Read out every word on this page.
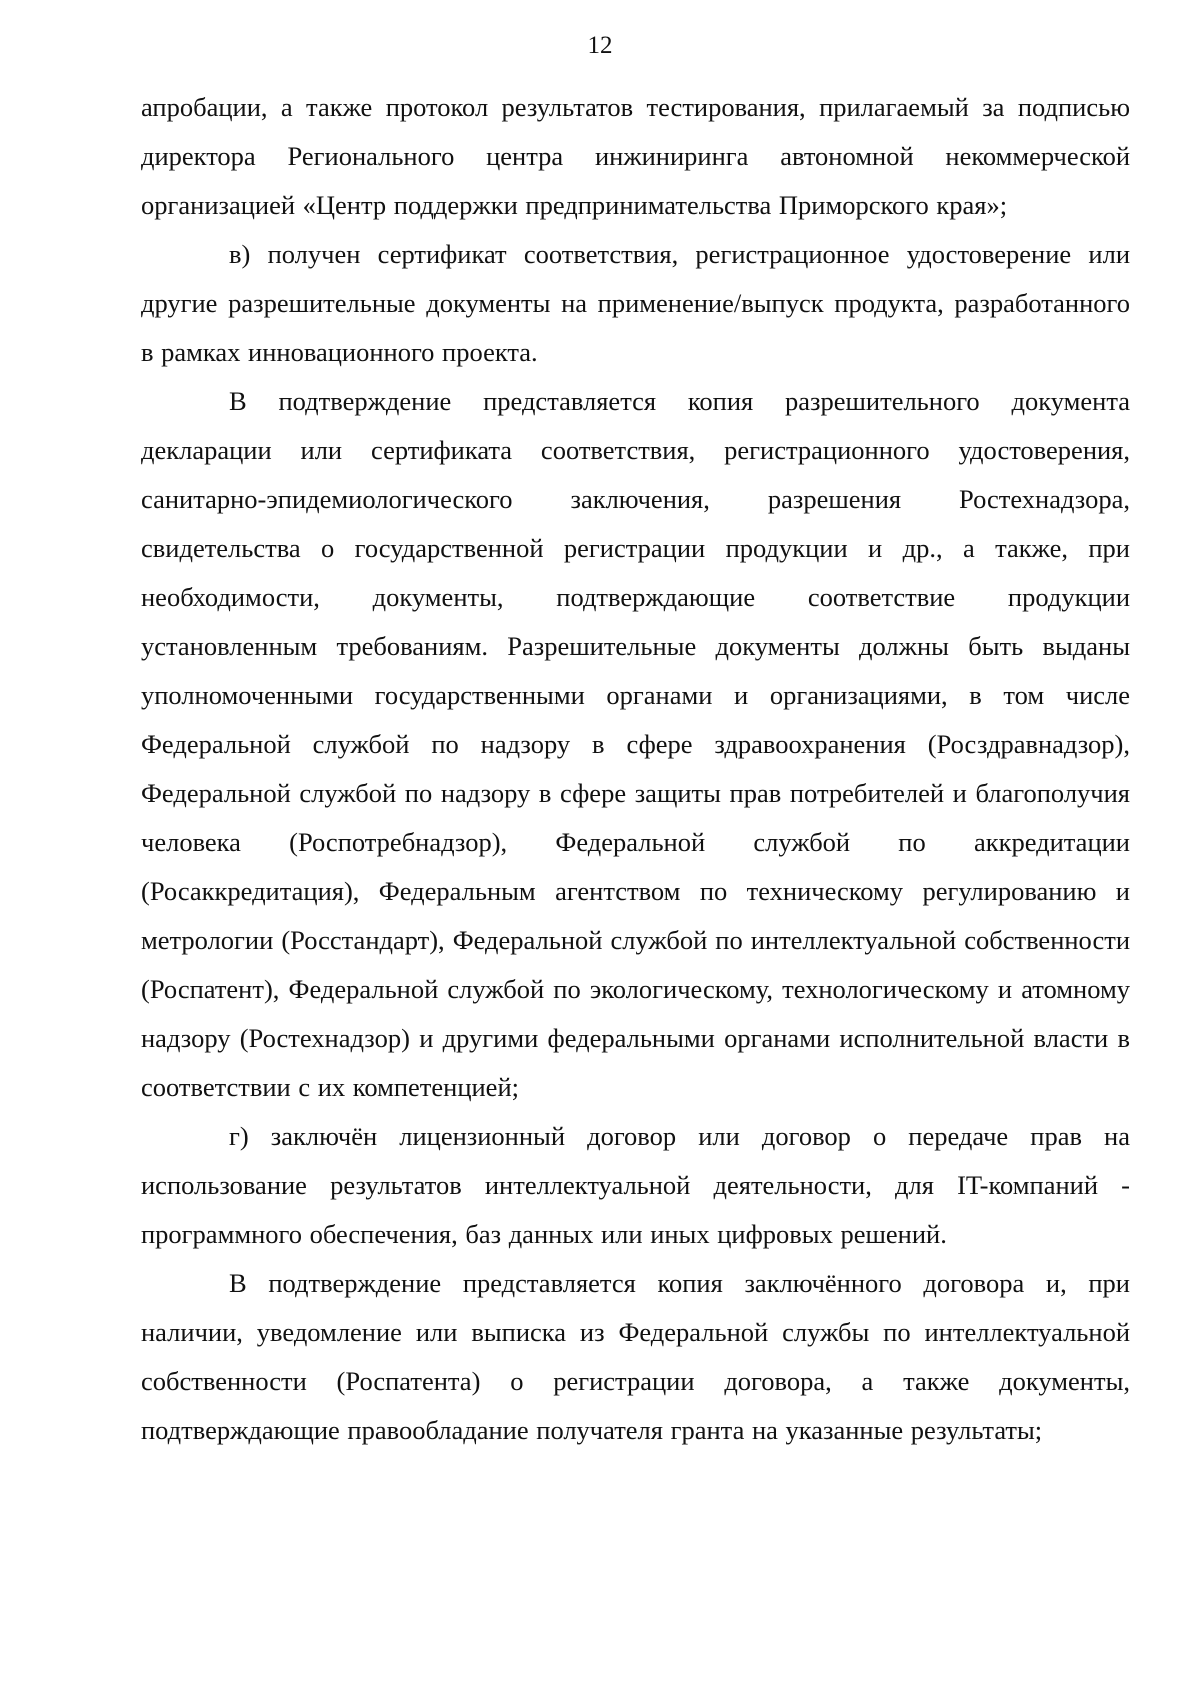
12

апробации, а также протокол результатов тестирования, прилагаемый за подписью директора Регионального центра инжиниринга автономной некоммерческой организацией «Центр поддержки предпринимательства Приморского края»;

в) получен сертификат соответствия, регистрационное удостоверение или другие разрешительные документы на применение/выпуск продукта, разработанного в рамках инновационного проекта.

В подтверждение представляется копия разрешительного документа декларации или сертификата соответствия, регистрационного удостоверения, санитарно-эпидемиологического заключения, разрешения Ростехнадзора, свидетельства о государственной регистрации продукции и др., а также, при необходимости, документы, подтверждающие соответствие продукции установленным требованиям. Разрешительные документы должны быть выданы уполномоченными государственными органами и организациями, в том числе Федеральной службой по надзору в сфере здравоохранения (Росздравнадзор), Федеральной службой по надзору в сфере защиты прав потребителей и благополучия человека (Роспотребнадзор), Федеральной службой по аккредитации (Росаккредитация), Федеральным агентством по техническому регулированию и метрологии (Росстандарт), Федеральной службой по интеллектуальной собственности (Роспатент), Федеральной службой по экологическому, технологическому и атомному надзору (Ростехнадзор) и другими федеральными органами исполнительной власти в соответствии с их компетенцией;

г) заключён лицензионный договор или договор о передаче прав на использование результатов интеллектуальной деятельности, для IT-компаний - программного обеспечения, баз данных или иных цифровых решений.

В подтверждение представляется копия заключённого договора и, при наличии, уведомление или выписка из Федеральной службы по интеллектуальной собственности (Роспатента) о регистрации договора, а также документы, подтверждающие правообладание получателя гранта на указанные результаты;
